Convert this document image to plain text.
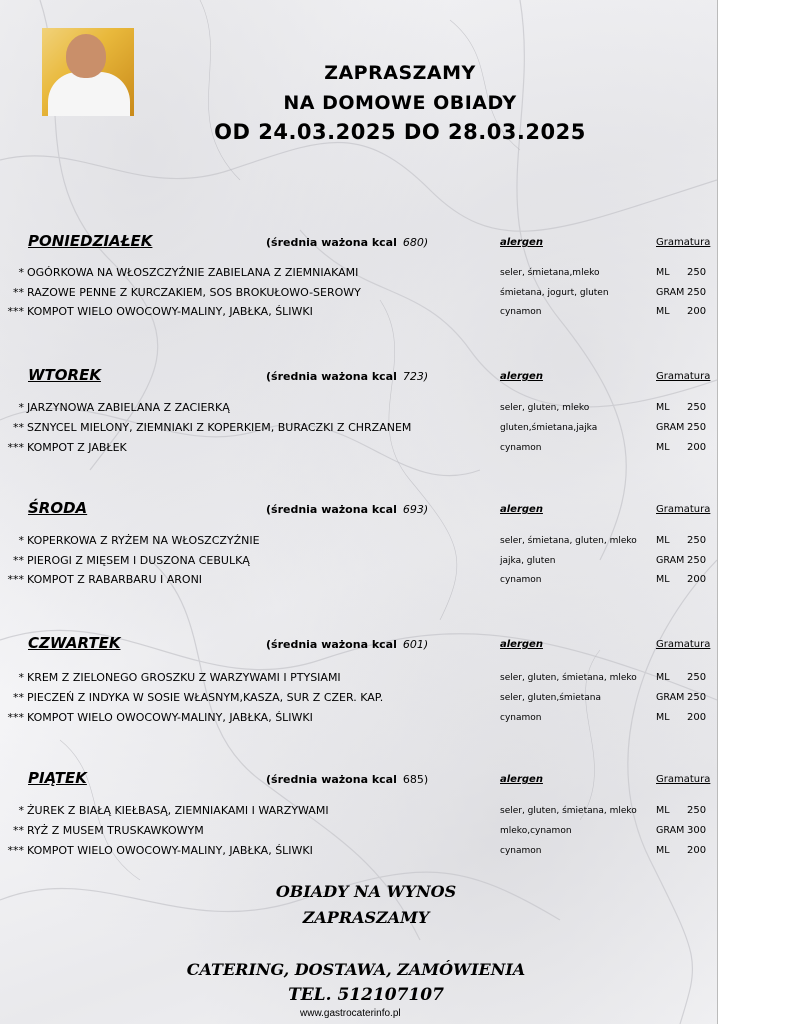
ZAPRASZAMY
NA DOMOWE OBIADY
OD 24.03.2025 DO 28.03.2025
PONIEDZIAŁEK	(średnia ważona kcal 680)	alergen	Gramatura
* OGÓRKOWA NA WŁOSZCZYŹNIE ZABIELANA Z ZIEMNIAKAMI	seler, śmietana,mleko	ML 250
** RAZOWE PENNE Z KURCZAKIEM, SOS BROKUŁOWO-SEROWY	śmietana, jogurt, gluten	GRAM 250
*** KOMPOT WIELO OWOCOWY-MALINY, JABŁKA, ŚLIWKI	cynamon	ML 200
WTOREK	(średnia ważona kcal 723)	alergen	Gramatura
* JARZYNOWA ZABIELANA Z ZACIERKĄ	seler, gluten, mleko	ML 250
** SZNYCEL MIELONY, ZIEMNIAKI Z KOPERKIEM, BURACZKI Z CHRZANEM	gluten,śmietana,jajka	GRAM 250
*** KOMPOT Z JABŁEK	cynamon	ML 200
ŚRODA	(średnia ważona kcal 693)	alergen	Gramatura
* KOPERKOWA Z RYŻEM NA WŁOSZCZYŹNIE	seler, śmietana, gluten, mleko ML 250
** PIEROGI Z MIĘSEM I DUSZONA CEBULKĄ	jajka, gluten	GRAM 250
*** KOMPOT Z RABARBARU I ARONI	cynamon	ML 200
CZWARTEK	(średnia ważona kcal 601)	alergen	Gramatura
* KREM Z ZIELONEGO GROSZKU Z WARZYWAMI I PTYSIAMI	seler, gluten, śmietana, mleko ML 250
** PIECZEŃ Z INDYKA W SOSIE WŁASNYM,KASZA, SUR Z CZER. KAP.	seler, gluten,śmietana	GRAM 250
*** KOMPOT WIELO OWOCOWY-MALINY, JABŁKA, ŚLIWKI	cynamon	ML 200
PIĄTEK	(średnia ważona kcal 685)	alergen	Gramatura
* ŻUREK Z BIAŁĄ KIEŁBASĄ, ZIEMNIAKAMI I WARZYWAMI	seler, gluten, śmietana, mleko ML 250
** RYŻ Z MUSEM TRUSKAWKOWYM	mleko,cynamon	GRAM 300
*** KOMPOT WIELO OWOCOWY-MALINY, JABŁKA, ŚLIWKI	cynamon	ML 200
OBIADY NA WYNOS
ZAPRASZAMY
CATERING, DOSTAWA, ZAMÓWIENIA
TEL. 512107107
www.gastrocaterinfo.pl
